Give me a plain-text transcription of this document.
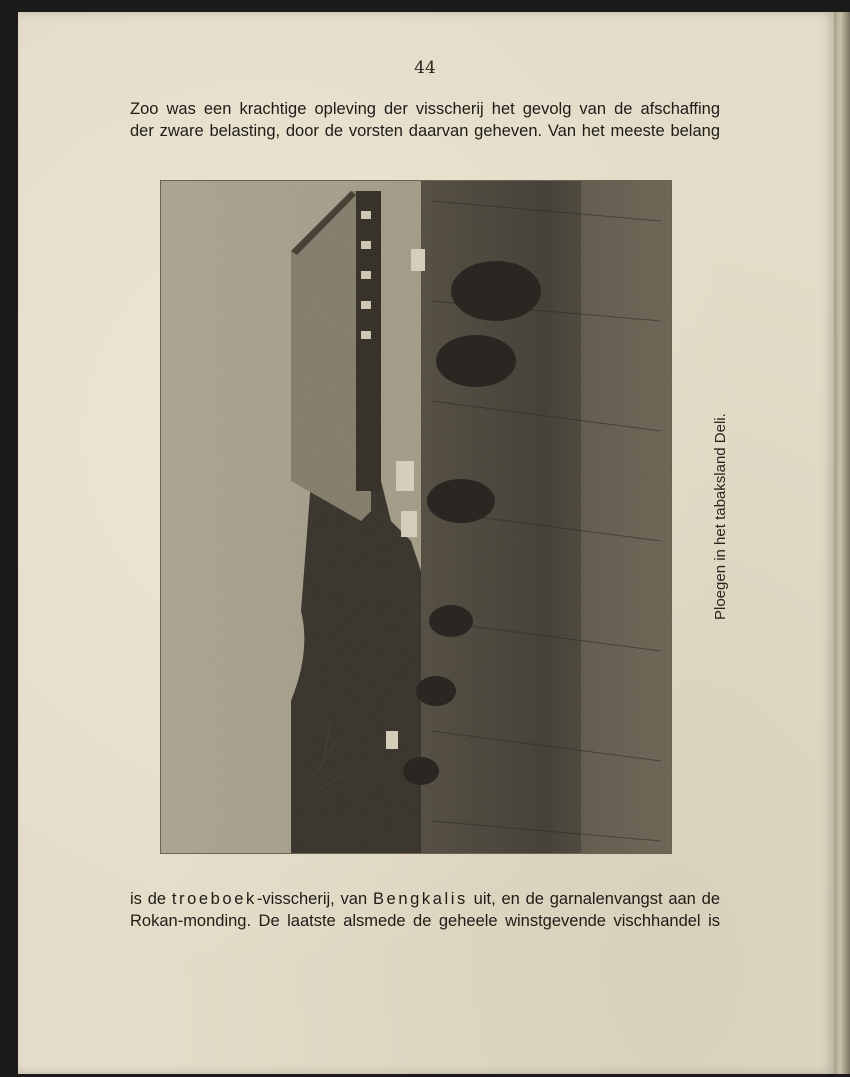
44
Zoo was een krachtige opleving der visscherij het gevolg van de afschaffing
der zware belasting, door de vorsten daarvan geheven. Van het meeste belang
Ploegen in het tabaksland Deli.
is de troeboek-visscherij, van Bengkalis uit, en de garnalenvangst aan de
Rokan-monding. De laatste alsmede de geheele winstgevende vischhandel is
